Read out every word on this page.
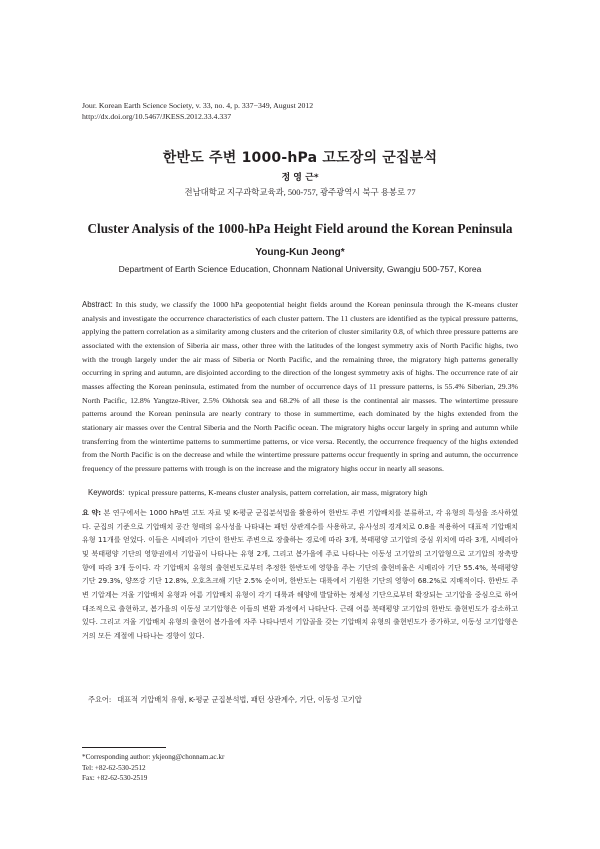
Jour. Korean Earth Science Society, v. 33, no. 4, p. 337−349, August 2012
http://dx.doi.org/10.5467/JKESS.2012.33.4.337
한반도 주변 1000-hPa 고도장의 군집분석
정 영 근*
전남대학교 지구과학교육과, 500-757, 광주광역시 북구 용봉로 77
Cluster Analysis of the 1000-hPa Height Field around the Korean Peninsula
Young-Kun Jeong*
Department of Earth Science Education, Chonnam National University, Gwangju 500-757, Korea
Abstract: In this study, we classify the 1000 hPa geopotential height fields around the Korean peninsula through the K-means cluster analysis and investigate the occurrence characteristics of each cluster pattern. The 11 clusters are identified as the typical pressure patterns, applying the pattern correlation as a similarity among clusters and the criterion of cluster similarity 0.8, of which three pressure patterns are associated with the extension of Siberia air mass, other three with the latitudes of the longest symmetry axis of North Pacific highs, two with the trough largely under the air mass of Siberia or North Pacific, and the remaining three, the migratory high patterns generally occurring in spring and autumn, are disjointed according to the direction of the longest symmetry axis of highs. The occurrence rate of air masses affecting the Korean peninsula, estimated from the number of occurrence days of 11 pressure patterns, is 55.4% Siberian, 29.3% North Pacific, 12.8% Yangtze-River, 2.5% Okhotsk sea and 68.2% of all these is the continental air masses. The wintertime pressure patterns around the Korean peninsula are nearly contrary to those in summertime, each dominated by the highs extended from the stationary air masses over the Central Siberia and the North Pacific ocean. The migratory highs occur largely in spring and autumn while transferring from the wintertime patterns to summertime patterns, or vice versa. Recently, the occurrence frequency of the highs extended from the North Pacific is on the decrease and while the wintertime pressure patterns occur frequently in spring and autumn, the occurrence frequency of the pressure patterns with trough is on the increase and the migratory highs occur in nearly all seasons.
Keywords: typical pressure patterns, K-means cluster analysis, pattern correlation, air mass, migratory high
요 약: 본 연구에서는 1000 hPa면 고도 자료 및 K-평균 군집분석법을 활용하여 한반도 주변 기압배치를 분류하고, 각 유형의 특성을 조사하였다. 군집의 기준으로 기압배치 공간 형태의 유사성을 나타내는 패턴 상관계수를 사용하고, 유사성의 경계치로 0.8을 적용하여 대표적 기압배치 유형 11개를 얻었다. 이들은 시베리아 기단이 한반도 주변으로 장출하는 경로에 따라 3개, 북태평양 고기압의 중심 위치에 따라 3개, 시베리아 및 북태평양 기단의 영향권에서 기압골이 나타나는 유형 2개, 그리고 봄가을에 주로 나타나는 이동성 고기압의 고기압형으로 고기압의 장축방향에 따라 3개 등이다. 각 기압배치 유형의 출현빈도로부터 추정한 한반도에 영향을 주는 기단의 출현비율은 시베리아 기단 55.4%, 북태평양 기단 29.3%, 양쯔강 기단 12.8%, 오호츠크해 기단 2.5% 순이며, 한반도는 대륙에서 기원한 기단의 영향이 68.2%로 지배적이다. 한반도 주변 기압계는 겨울 기압배치 유형과 여름 기압배치 유형이 각기 대륙과 해양에 발달하는 정체성 기단으로부터 확장되는 고기압을 중심으로 하여 대조적으로 출현하고, 봄가을의 이동성 고기압형은 이들의 변환 과정에서 나타난다. 근래 여름 북태평양 고기압의 한반도 출현빈도가 감소하고 있다. 그리고 겨울 기압배치 유형의 출현이 봄가을에 자주 나타나면서 기압골을 갖는 기압배치 유형의 출현빈도가 증가하고, 이동성 고기압형은 거의 모든 계절에 나타나는 경향이 있다.
주요어: 대표적 기압배치 유형, K-평균 군집분석법, 패턴 상관계수, 기단, 이동성 고기압
*Corresponding author: ykjeong@chonnam.ac.kr
Tel: +82-62-530-2512
Fax: +82-62-530-2519
